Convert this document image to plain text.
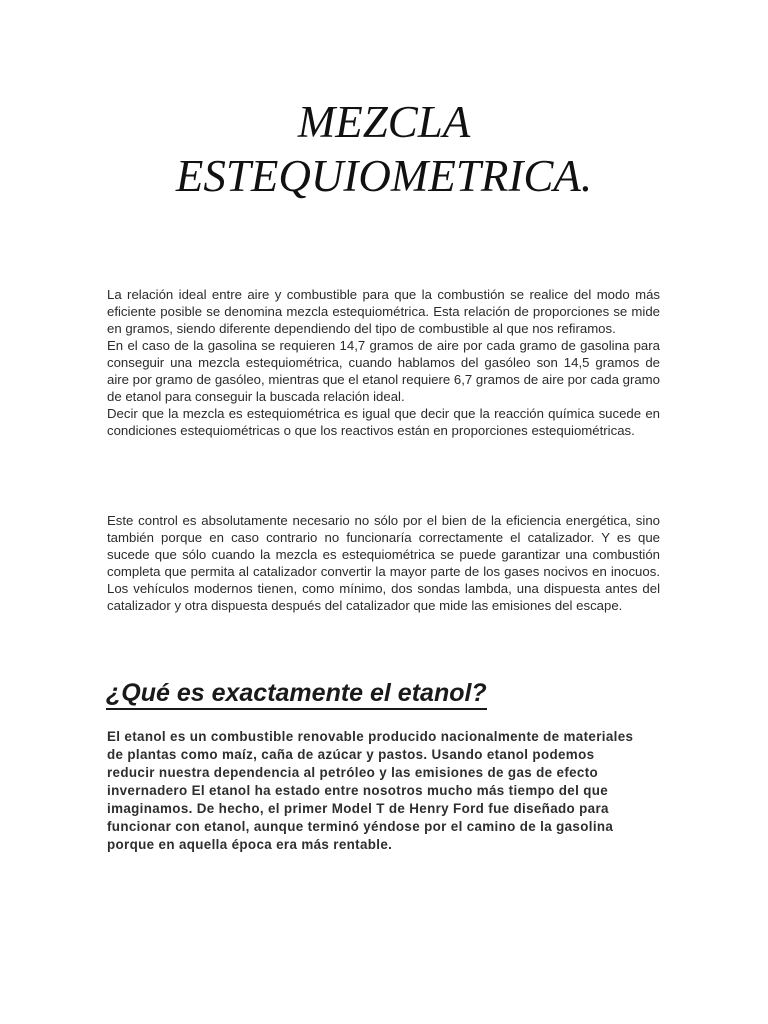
MEZCLA
ESTEQUIOMETRICA.

La relación ideal entre aire y combustible para que la combustión se realice del modo más eficiente posible se denomina mezcla estequiométrica. Esta relación de proporciones se mide en gramos, siendo diferente dependiendo del tipo de combustible al que nos refiramos.

En el caso de la gasolina se requieren 14,7 gramos de aire por cada gramo de gasolina para conseguir una mezcla estequiométrica, cuando hablamos del gasóleo son 14,5 gramos de aire por gramo de gasóleo, mientras que el etanol requiere 6,7 gramos de aire por cada gramo de etanol para conseguir la buscada relación ideal.

Decir que la mezcla es estequiométrica es igual que decir que la reacción química sucede en condiciones estequiométricas o que los reactivos están en proporciones estequiométricas.

Este control es absolutamente necesario no sólo por el bien de la eficiencia energética, sino también porque en caso contrario no funcionaría correctamente el catalizador. Y es que sucede que sólo cuando la mezcla es estequiométrica se puede garantizar una combustión completa que permita al catalizador convertir la mayor parte de los gases nocivos en inocuos. Los vehículos modernos tienen, como mínimo, dos sondas lambda, una dispuesta antes del catalizador y otra dispuesta después del catalizador que mide las emisiones del escape.

¿Qué es exactamente el etanol?

El etanol es un combustible renovable producido nacionalmente de materiales de plantas como maíz, caña de azúcar y pastos. Usando etanol podemos reducir nuestra dependencia al petróleo y las emisiones de gas de efecto invernadero El etanol ha estado entre nosotros mucho más tiempo del que imaginamos. De hecho, el primer Model T de Henry Ford fue diseñado para funcionar con etanol, aunque terminó yéndose por el camino de la gasolina porque en aquella época era más rentable.
